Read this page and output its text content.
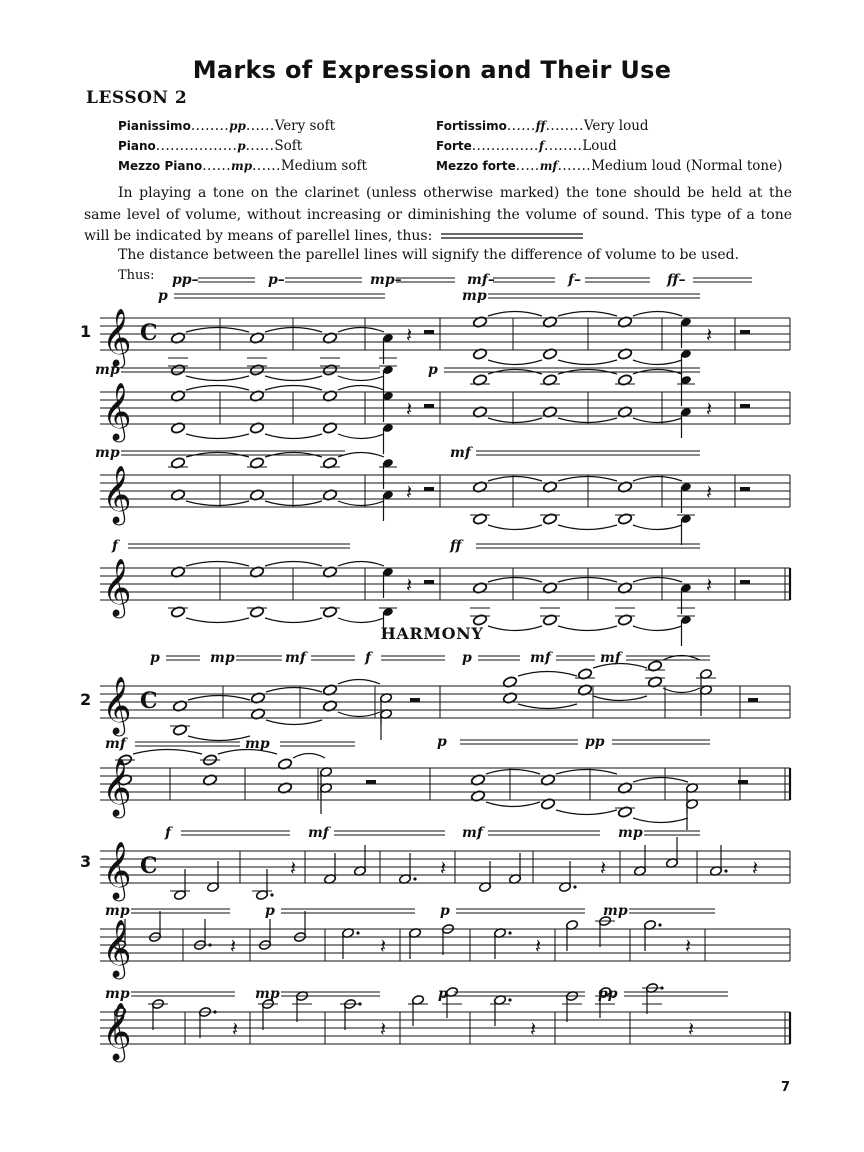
Marks of Expression and Their Use
LESSON 2
Pianissimo........pp......Very soft
Piano.................p......Soft
Mezzo Piano......mp......Medium soft
Fortissimo......ff........Very loud
Forte..............f........Loud
Mezzo forte.....mf.......Medium loud (Normal tone)
In playing a tone on the clarinet (unless otherwise marked) the tone should be held at the same level of volume, without increasing or diminishing the volume of sound. This type of a tone will be indicated by means of parellel lines, thus:
The distance between the parellel lines will signify the difference of volume to be used.
Thus:
HARMONY
1
2
3
7
pp–	p–	mp–	mf–	f–	ff–
𝄞 C
𝄞
𝄞
𝄞
𝄞 C
𝄞
𝄞 C
𝄞
𝄞
𝄽	𝄽
p	mp
𝄽	𝄽
mp	p
𝄽	𝄽
mp	mf
𝄽	𝄽
f	ff
p	mp	mf	f	p	mf	mf
mf	mp	p	pp
𝄽	𝄽	𝄽	𝄽
f	mf	mf	mp
𝄽	𝄽	𝄽	𝄽
mp	p	p	mp
𝄽	𝄽	𝄽	𝄽
mp	mp	p	pp
